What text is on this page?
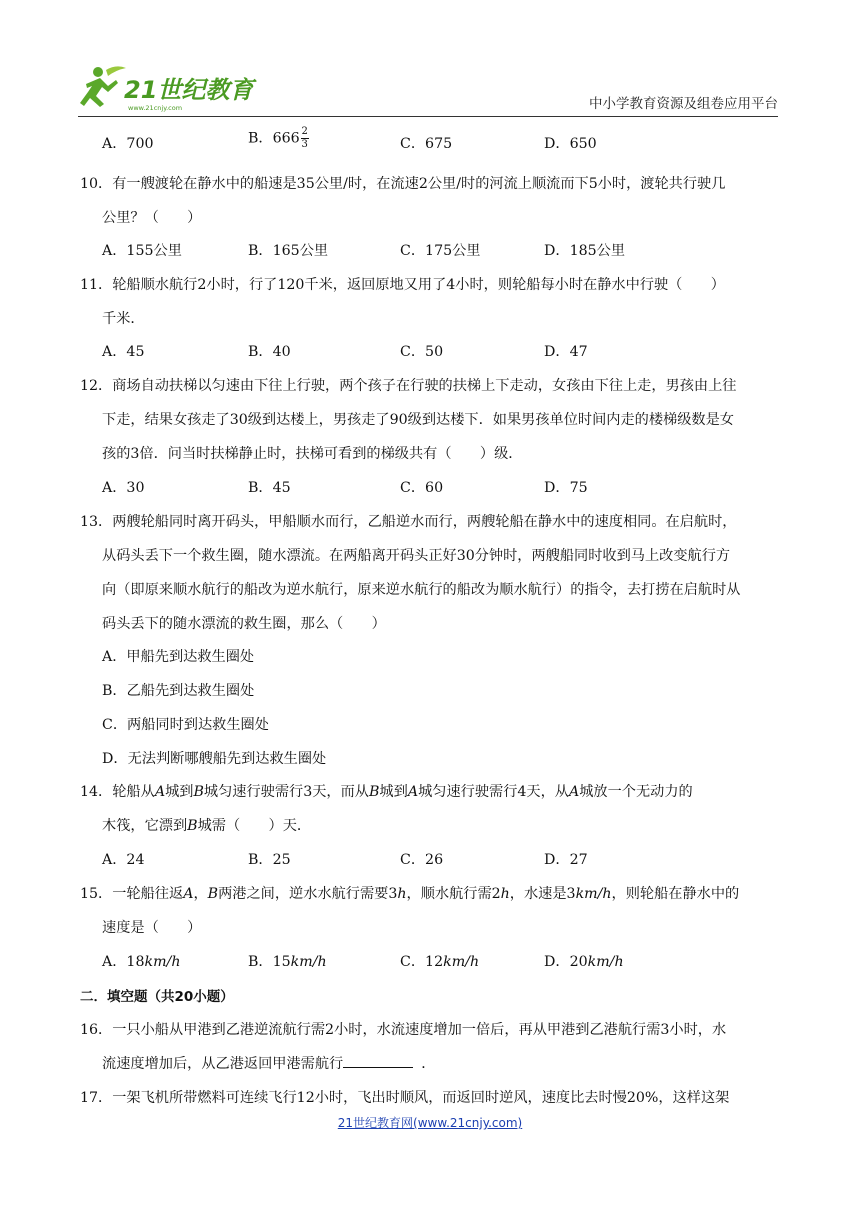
21世纪教育
www.21cnjy.com	中小学教育资源及组卷应用平台
A．700	B．$666 \frac{2}{3}$	C．675	D．650
10．有一艘渡轮在静水中的船速是35公里/时，在流速2公里/时的河流上顺流而下5小时，渡轮共行驶几
公里？（　　）
A．155公里	B．165公里	C．175公里	D．185公里
11．轮船顺水航行2小时，行了120千米，返回原地又用了4小时，则轮船每小时在静水中行驶（　　）
千米．
A．45	B．40	C．50	D．47
12．商场自动扶梯以匀速由下往上行驶，两个孩子在行驶的扶梯上下走动，女孩由下往上走，男孩由上往
下走，结果女孩走了30级到达楼上，男孩走了90级到达楼下．如果男孩单位时间内走的楼梯级数是女
孩的3倍．问当时扶梯静止时，扶梯可看到的梯级共有（　　）级．
A．30	B．45	C．60	D．75
13．两艘轮船同时离开码头，甲船顺水而行，乙船逆水而行，两艘轮船在静水中的速度相同。在启航时，
从码头丢下一个救生圈，随水漂流。在两船离开码头正好30分钟时，两艘船同时收到马上改变航行方
向（即原来顺水航行的船改为逆水航行，原来逆水航行的船改为顺水航行）的指令，去打捞在启航时从
码头丢下的随水漂流的救生圈，那么（　　）
A．甲船先到达救生圈处
B．乙船先到达救生圈处
C．两船同时到达救生圈处
D．无法判断哪艘船先到达救生圈处
14．轮船从A城到B城匀速行驶需行3天，而从B城到A城匀速行驶需行4天，从A城放一个无动力的
木筏，它漂到B城需（　　）天．
A．24	B．25	C．26	D．27
15．一轮船往返A，B两港之间，逆水水航行需要3h，顺水航行需2h，水速是3km/h，则轮船在静水中的
速度是（　　）
A．18km/h	B．15km/h	C．12km/h	D．20km/h
二．填空题（共20小题）
16．一只小船从甲港到乙港逆流航行需2小时，水流速度增加一倍后，再从甲港到乙港航行需3小时，水
流速度增加后，从乙港返回甲港需航行	．
17．一架飞机所带燃料可连续飞行12小时，飞出时顺风，而返回时逆风，速度比去时慢20%，这样这架
21世纪教育网(www.21cnjy.com)
